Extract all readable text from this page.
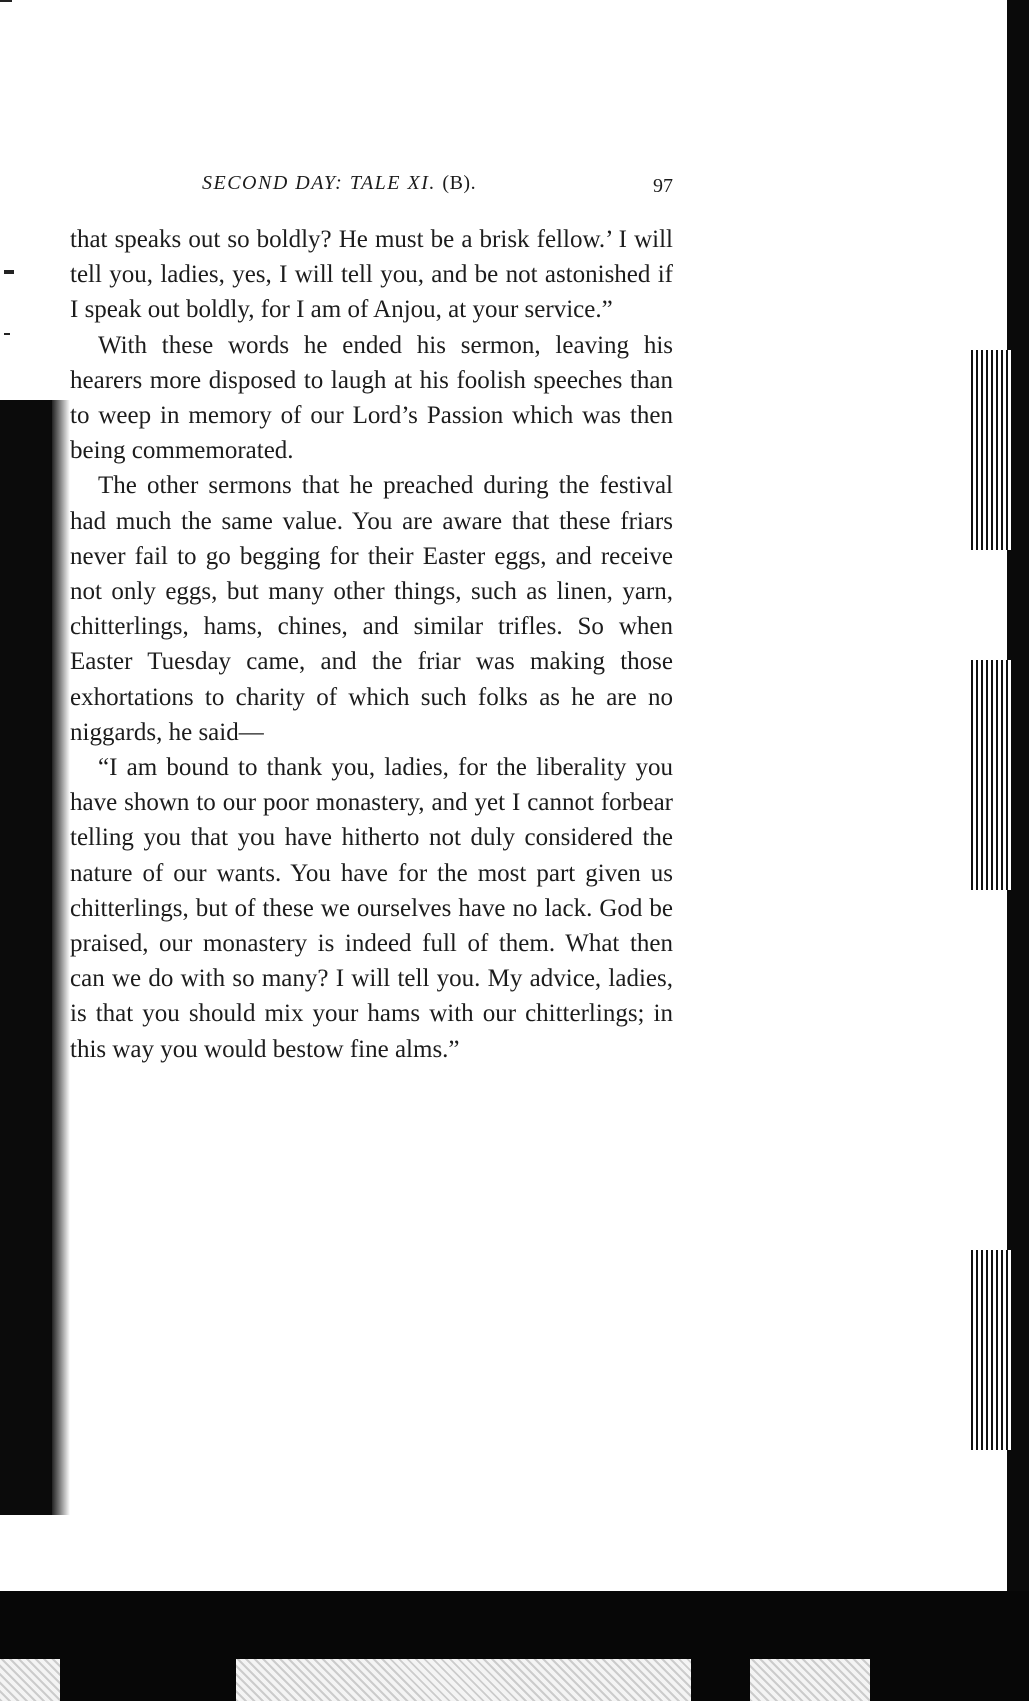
SECOND DAY: TALE XI. (B).	97

that speaks out so boldly? He must be a brisk fellow.’ I will tell you, ladies, yes, I will tell you, and be not astonished if I speak out boldly, for I am of Anjou, at your service.”

With these words he ended his sermon, leaving his hearers more disposed to laugh at his foolish speeches than to weep in memory of our Lord’s Passion which was then being commemorated.

The other sermons that he preached during the festival had much the same value. You are aware that these friars never fail to go begging for their Easter eggs, and receive not only eggs, but many other things, such as linen, yarn, chitterlings, hams, chines, and similar trifles. So when Easter Tuesday came, and the friar was making those exhortations to charity of which such folks as he are no niggards, he said—

“I am bound to thank you, ladies, for the liberality you have shown to our poor monastery, and yet I cannot forbear telling you that you have hitherto not duly considered the nature of our wants. You have for the most part given us chitterlings, but of these we ourselves have no lack. God be praised, our monastery is indeed full of them. What then can we do with so many? I will tell you. My advice, ladies, is that you should mix your hams with our chitterlings; in this way you would bestow fine alms.”
